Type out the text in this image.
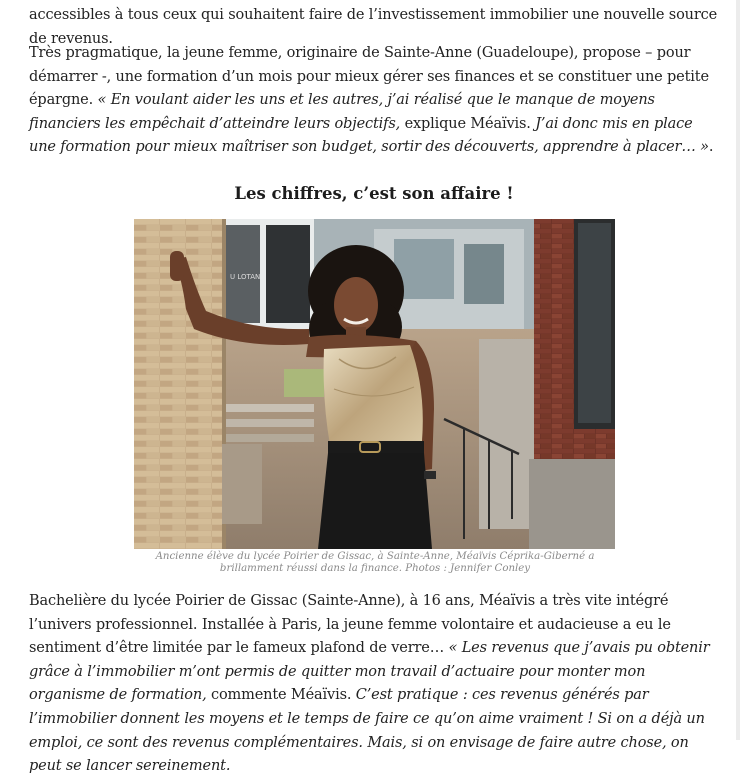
accessibles à tous ceux qui souhaitent faire de l’investissement immobilier une nouvelle source de revenus.

Très pragmatique, la jeune femme, originaire de Sainte-Anne (Guadeloupe), propose – pour démarrer -, une formation d’un mois pour mieux gérer ses finances et se constituer une petite épargne. « En voulant aider les uns et les autres, j’ai réalisé que le manque de moyens financiers les empêchait d’atteindre leurs objectifs, explique Méaïvis. J’ai donc mis en place une formation pour mieux maîtriser son budget, sortir des découverts, apprendre à placer… ».

Les chiffres, c’est son affaire !
U LOTAN

Ancienne élève du lycée Poirier de Gissac, à Sainte-Anne, Méaïvis Céprika-Giberné a brillamment réussi dans la finance. Photos : Jennifer Conley

Bachelière du lycée Poirier de Gissac (Sainte-Anne), à 16 ans, Méaïvis a très vite intégré l’univers professionnel. Installée à Paris, la jeune femme volontaire et audacieuse a eu le sentiment d’être limitée par le fameux plafond de verre… « Les revenus que j’avais pu obtenir grâce à l’immobilier m’ont permis de quitter mon travail d’actuaire pour monter mon organisme de formation, commente Méaïvis. C’est pratique : ces revenus générés par l’immobilier donnent les moyens et le temps de faire ce qu’on aime vraiment ! Si on a déjà un emploi, ce sont des revenus complémentaires. Mais, si on envisage de faire autre chose, on peut se lancer sereinement.
